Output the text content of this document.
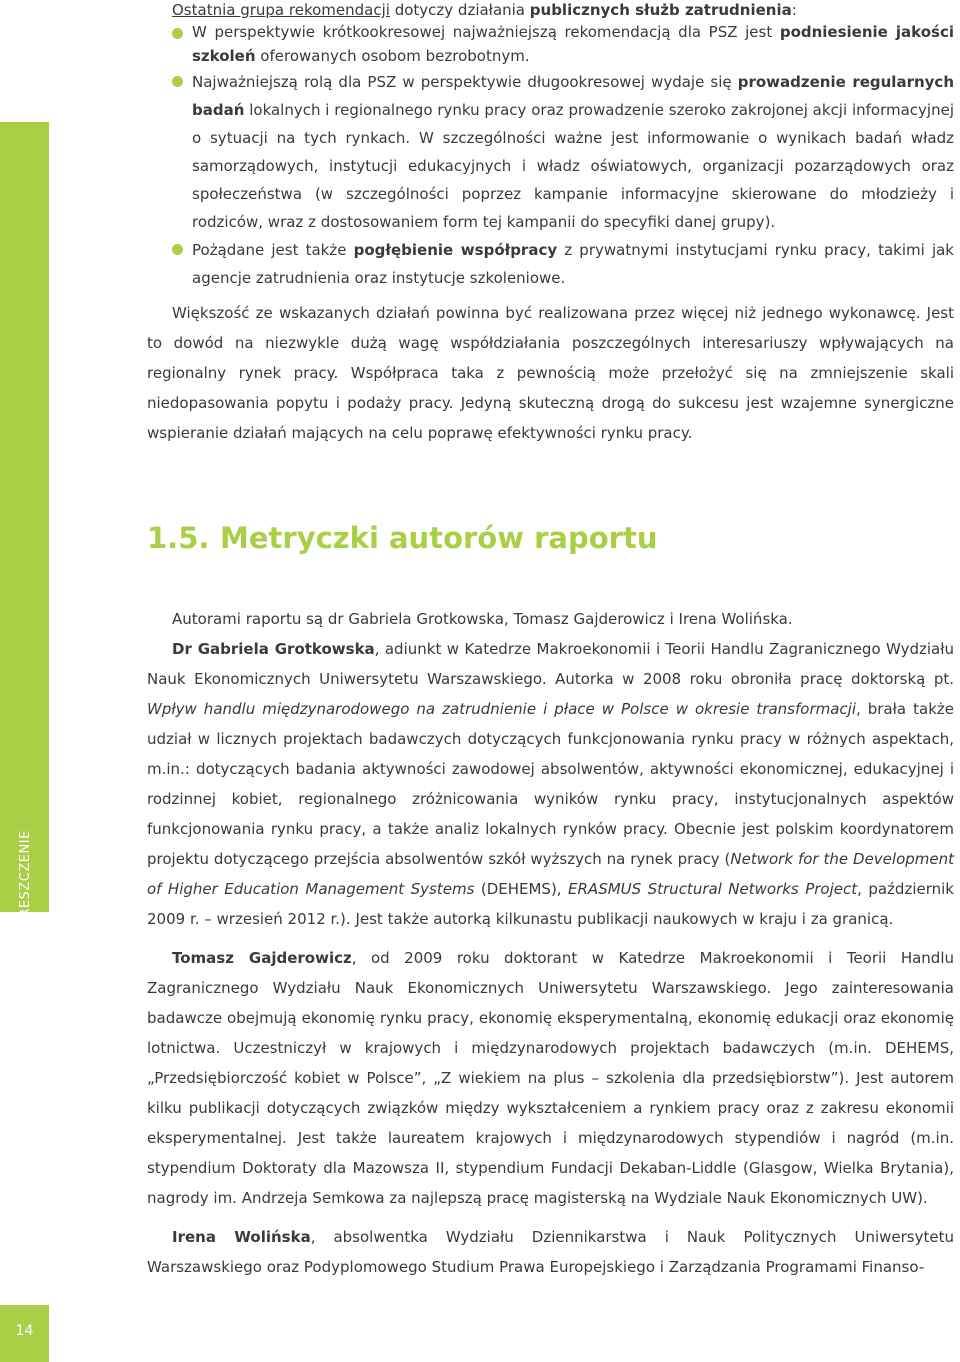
STRESZCZENIE
14

Ostatnia grupa rekomendacji dotyczy działania publicznych służb zatrudnienia:

W perspektywie krótkookresowej najważniejszą rekomendacją dla PSZ jest podniesienie jakości szkoleń oferowanych osobom bezrobotnym.
Najważniejszą rolą dla PSZ w perspektywie długookresowej wydaje się prowadzenie regularnych badań lokalnych i regionalnego rynku pracy oraz prowadzenie szeroko zakrojonej akcji informacyjnej o sytuacji na tych rynkach. W szczególności ważne jest informowanie o wynikach badań władz samorządowych, instytucji edukacyjnych i władz oświatowych, organizacji pozarządowych oraz społeczeństwa (w szczególności poprzez kampanie informacyjne skierowane do młodzieży i rodziców, wraz z dostosowaniem form tej kampanii do specyfiki danej grupy).
Pożądane jest także pogłębienie współpracy z prywatnymi instytucjami rynku pracy, takimi jak agencje zatrudnienia oraz instytucje szkoleniowe.

Większość ze wskazanych działań powinna być realizowana przez więcej niż jednego wykonawcę. Jest to dowód na niezwykle dużą wagę współdziałania poszczególnych interesariuszy wpływających na regionalny rynek pracy. Współpraca taka z pewnością może przełożyć się na zmniejszenie skali niedopasowania popytu i podaży pracy. Jedyną skuteczną drogą do sukcesu jest wzajemne synergiczne wspieranie działań mających na celu poprawę efektywności rynku pracy.

1.5. Metryczki autorów raportu

Autorami raportu są dr Gabriela Grotkowska, Tomasz Gajderowicz i Irena Wolińska.

Dr Gabriela Grotkowska, adiunkt w Katedrze Makroekonomii i Teorii Handlu Zagranicznego Wydziału Nauk Ekonomicznych Uniwersytetu Warszawskiego. Autorka w 2008 roku obroniła pracę doktorską pt. Wpływ handlu międzynarodowego na zatrudnienie i płace w Polsce w okresie transformacji, brała także udział w licznych projektach badawczych dotyczących funkcjonowania rynku pracy w różnych aspektach, m.in.: dotyczących badania aktywności zawodowej absolwentów, aktywności ekonomicznej, edukacyjnej i rodzinnej kobiet, regionalnego zróżnicowania wyników rynku pracy, instytucjonalnych aspektów funkcjonowania rynku pracy, a także analiz lokalnych rynków pracy. Obecnie jest polskim koordynatorem projektu dotyczącego przejścia absolwentów szkół wyższych na rynek pracy (Network for the Development of Higher Education Management Systems (DEHEMS), ERASMUS Structural Networks Project, październik 2009 r. – wrzesień 2012 r.). Jest także autorką kilkunastu publikacji naukowych w kraju i za granicą.

Tomasz Gajderowicz, od 2009 roku doktorant w Katedrze Makroekonomii i Teorii Handlu Zagranicznego Wydziału Nauk Ekonomicznych Uniwersytetu Warszawskiego. Jego zainteresowania badawcze obejmują ekonomię rynku pracy, ekonomię eksperymentalną, ekonomię edukacji oraz ekonomię lotnictwa. Uczestniczył w krajowych i międzynarodowych projektach badawczych (m.in. DEHEMS, „Przedsiębiorczość kobiet w Polsce”, „Z wiekiem na plus – szkolenia dla przedsiębiorstw”). Jest autorem kilku publikacji dotyczących związków między wykształceniem a rynkiem pracy oraz z zakresu ekonomii eksperymentalnej. Jest także laureatem krajowych i międzynarodowych stypendiów i nagród (m.in. stypendium Doktoraty dla Mazowsza II, stypendium Fundacji Dekaban-Liddle (Glasgow, Wielka Brytania), nagrody im. Andrzeja Semkowa za najlepszą pracę magisterską na Wydziale Nauk Ekonomicznych UW).

Irena Wolińska, absolwentka Wydziału Dziennikarstwa i Nauk Politycznych Uniwersytetu Warszawskiego oraz Podyplomowego Studium Prawa Europejskiego i Zarządzania Programami Finanso-
